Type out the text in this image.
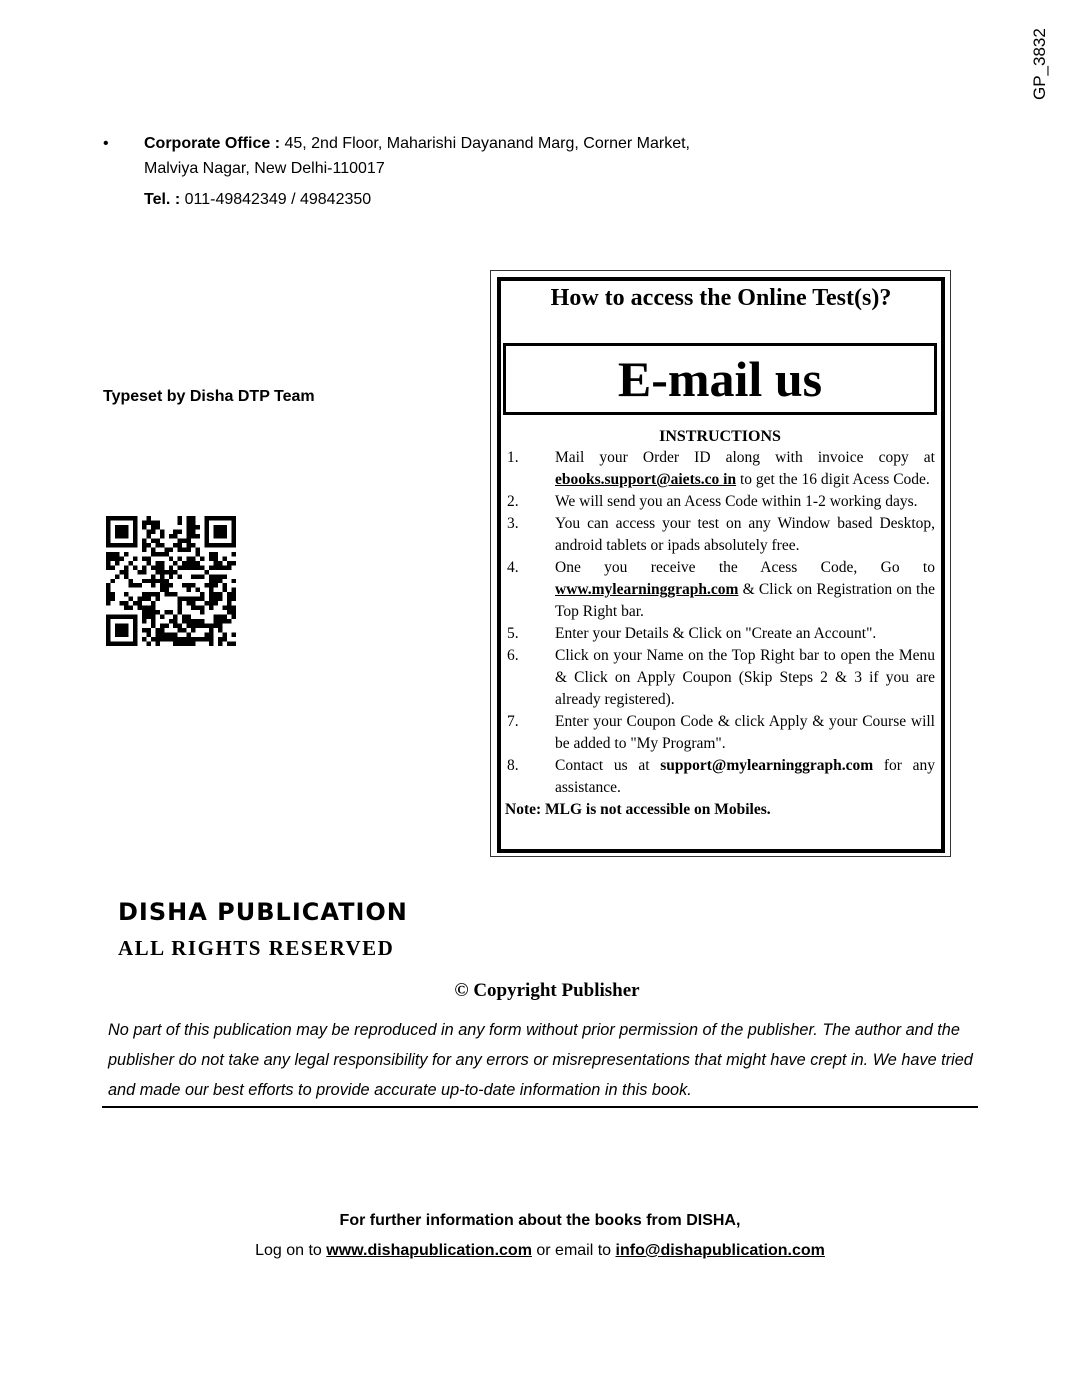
GP_3832
• Corporate Office : 45, 2nd Floor, Maharishi Dayanand Marg, Corner Market,
Malviya Nagar, New Delhi-110017
Tel. : 011-49842349 / 49842350
Typeset by Disha DTP Team
How to access the Online Test(s)?
E-mail us
INSTRUCTIONS
1. Mail your Order ID along with invoice copy at ebooks.support@aiets.co in to get the 16 digit Acess Code.
2. We will send you an Acess Code within 1-2 working days.
3. You can access your test on any Window based Desktop, android tablets or ipads absolutely free.
4. One you receive the Acess Code, Go to www.mylearninggraph.com & Click on Registration on the Top Right bar.
5. Enter your Details & Click on "Create an Account".
6. Click on your Name on the Top Right bar to open the Menu & Click on Apply Coupon (Skip Steps 2 & 3 if you are already registered).
7. Enter your Coupon Code & click Apply & your Course will be added to "My Program".
8. Contact us at support@mylearninggraph.com for any assistance.
Note: MLG is not accessible on Mobiles.
DISHA PUBLICATION
ALL RIGHTS RESERVED
© Copyright Publisher
No part of this publication may be reproduced in any form without prior permission of the publisher. The author and the publisher do not take any legal responsibility for any errors or misrepresentations that might have crept in. We have tried and made our best efforts to provide accurate up-to-date information in this book.
For further information about the books from DISHA,
Log on to www.dishapublication.com or email to info@dishapublication.com
